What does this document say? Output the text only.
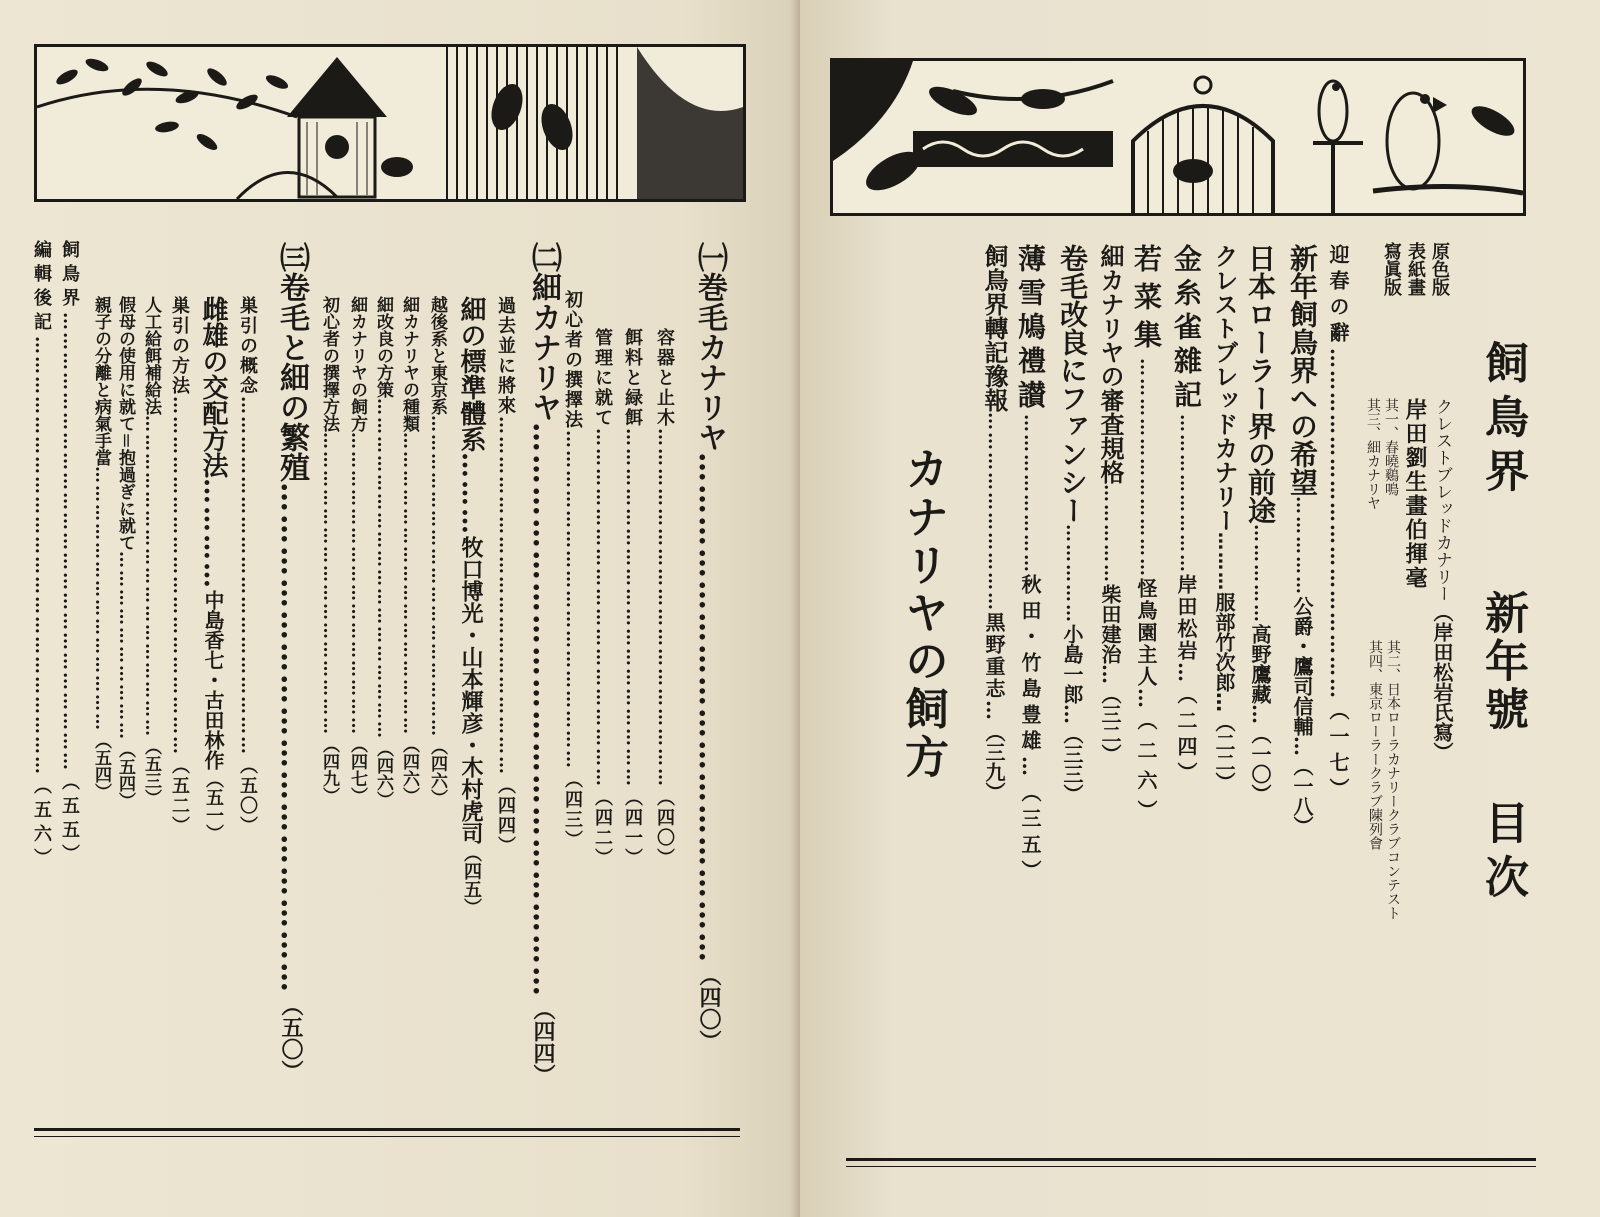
㈠巻毛カナリヤ…………………………………………（四〇）
容器と止木………………………………………………（四〇）
餌料と緑餌………………………………………………（四一）
管理に就て………………………………………………（四二）
初心者の撰擇法……………………………………………（四三）
㈡細カナリヤ………………………………………………（四四）
過去並に將來………………………………………………（四四）
細の標準體系………牧口博光・山本輝彦・木村虎司（四五）
越後系と東京系……………………………………………（四六）
細カナリヤの種類…………………………………………（四六）
細改良の方策………………………………………………（四六）
細カナリヤの飼方…………………………………………（四七）
初心者の撰擇方法…………………………………………（四九）
㈢卷毛と細の繁殖…………………………………………（五〇）
巣引の概念………………………………………………（五〇）
雌雄の交配方法…………中島香七・古田林作（五一）
巣引の方法………………………………………………（五二）
人工給餌補給法……………………………………………（五三）
假母の使用に就て＝抱過ぎに就て…………………………（五四）
親子の分離と病氣手當……………………………………（五四）
飼鳥界……………………………………………………………（五五）
編輯後記…………………………………………………………（五六）
飼鳥界
新年號
目次
原色版
表紙畫
寫眞版
クレストブレッドカナリー（岸田松岩氏寫）
岸田劉生畫伯揮毫
其一、春曉鷄鳴
其三、細カナリヤ
其二、日本ローラカナリークラブコンテスト
其四、東京ローラークラブ陳列會
迎春の辭…………………………………………（一七）
新年飼鳥界への希望……………公爵・鷹司信輔…（一八）
日本ローラー界の前途……………高野鷹藏…（一〇）
クレストブレッドカナリー………服部竹次郎…（二二）
金糸雀雜記……………………岸田松岩…（二四）
若菜集……………………………怪鳥園主人…（二六）
細カナリヤの審査規格……………柴田建治…（三二）
卷毛改良にファンシー……………小島一郎…（三三）
薄雪鳩禮讃……………………秋田・竹島豊雄…（三五）
飼鳥界轉記豫報…………………………黒野重志…（三九）
カナリヤの飼方
